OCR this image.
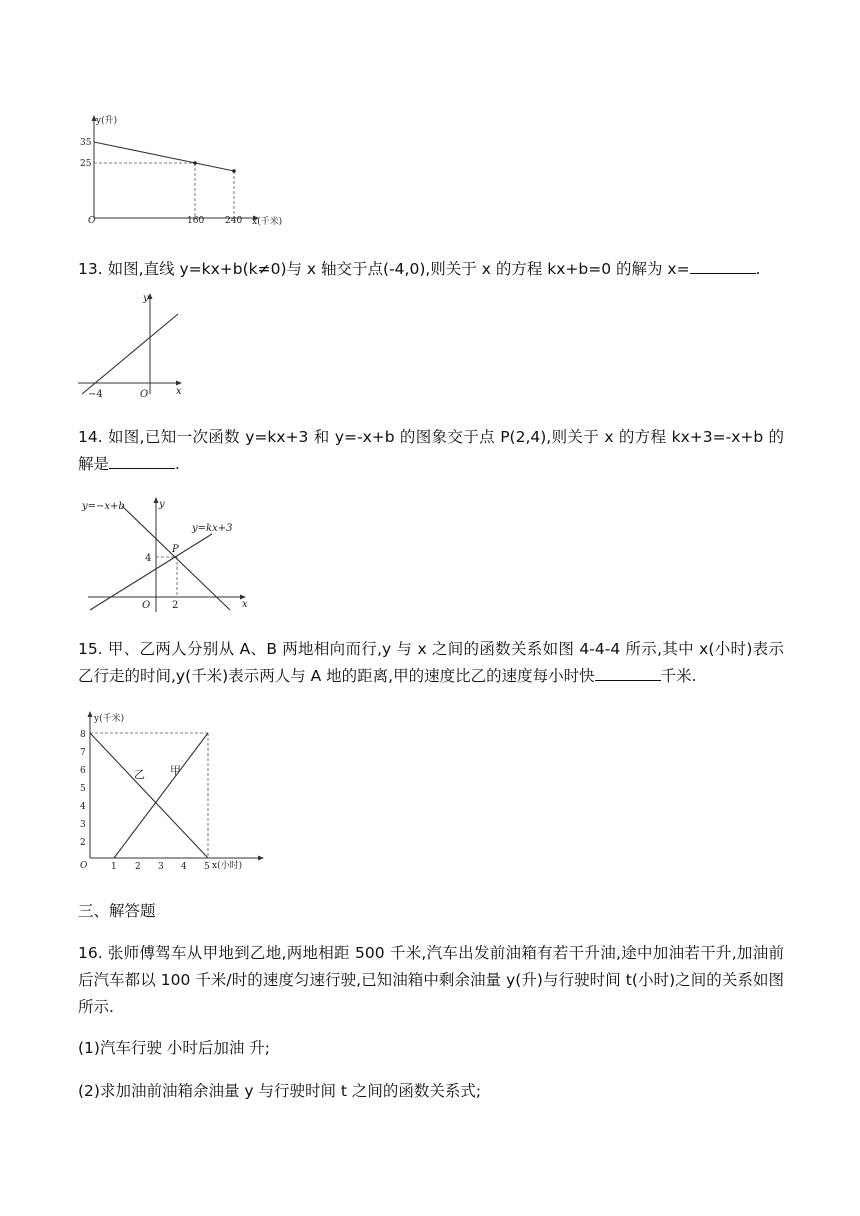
y(升)
x(千米)
O
35
25
160 240

13. 如图,直线 y=kx+b(k≠0)与 x 轴交于点(-4,0),则关于 x 的方程 kx+b=0 的解为 x=	.

y
x
O
−4

14. 如图,已知一次函数 y=kx+3 和 y=-x+b 的图象交于点 P(2,4),则关于 x 的方程 kx+3=-x+b 的解是	.

y
x
O
y=−x+b
y=kx+3
P
4
2

15. 甲、乙两人分别从 A、B 两地相向而行,y 与 x 之间的函数关系如图 4-4-4 所示,其中 x(小时)表示乙行走的时间,y(千米)表示两人与 A 地的距离,甲的速度比乙的速度每小时快	千米.

y(千米)
x(小时)
O
8
7
6
5
4
3
2
1 2 3 4 5
乙 甲

三、解答题

16. 张师傅驾车从甲地到乙地,两地相距 500 千米,汽车出发前油箱有若干升油,途中加油若干升,加油前后汽车都以 100 千米/时的速度匀速行驶,已知油箱中剩余油量 y(升)与行驶时间 t(小时)之间的关系如图所示.

(1)汽车行驶 小时后加油 升;

(2)求加油前油箱余油量 y 与行驶时间 t 之间的函数关系式;
